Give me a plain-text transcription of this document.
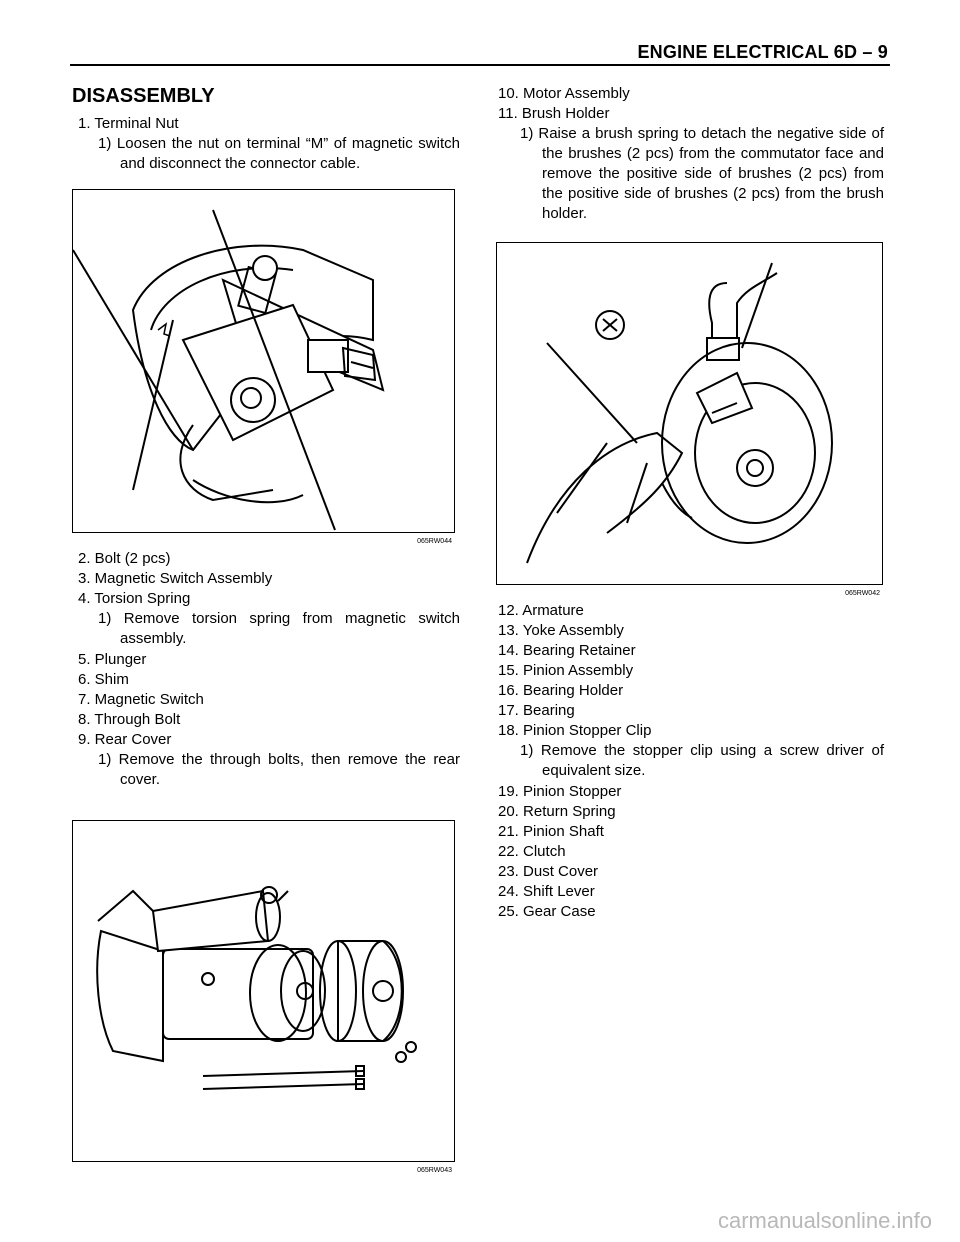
ENGINE ELECTRICAL 6D – 9
DISASSEMBLY

1. Terminal Nut

1) Loosen the nut on terminal “M” of magnetic switch and disconnect the connector cable.

065RW044

2. Bolt (2 pcs)

3. Magnetic Switch Assembly

4. Torsion Spring

1) Remove torsion spring from magnetic switch assembly.

5. Plunger

6. Shim

7. Magnetic Switch

8. Through Bolt

9. Rear Cover

1) Remove the through bolts, then remove the rear cover.

065RW043

10. Motor Assembly

11. Brush Holder

1) Raise a brush spring to detach the negative side of the brushes (2 pcs) from the commutator face and remove the positive side of brushes (2 pcs) from the positive side of brushes (2 pcs) from the brush holder.

065RW042

12. Armature

13. Yoke Assembly

14. Bearing Retainer

15. Pinion Assembly

16. Bearing Holder

17. Bearing

18. Pinion Stopper Clip

1) Remove the stopper clip using a screw driver of equivalent size.

19. Pinion Stopper

20. Return Spring

21. Pinion Shaft

22. Clutch

23. Dust Cover

24. Shift Lever

25. Gear Case

carmanualsonline.info
